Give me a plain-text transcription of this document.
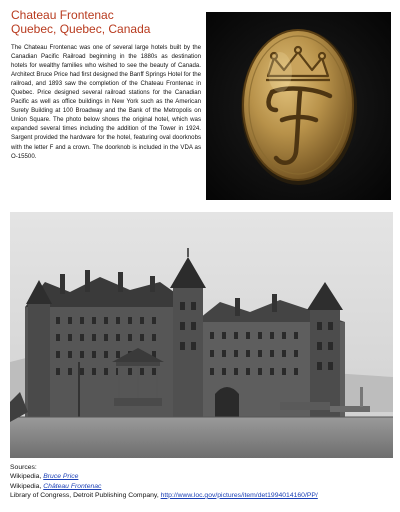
Chateau Frontenac
Quebec, Quebec, Canada
The Chateau Frontenac was one of several large hotels built by the Canadian Pacific Railroad beginning in the 1880s as destination hotels for wealthy families who wished to see the beauty of Canada. Architect Bruce Price had first designed the Banff Springs Hotel for the railroad, and 1893 saw the completion of the Chateau Frontenac in Quebec. Price designed several railroad stations for the Canadian Pacific as well as office buildings in New York such as the American Surety Building at 100 Broadway and the Bank of the Metropolis on Union Square. The photo below shows the original hotel, which was expanded several times including the addition of the Tower in 1924. Sargent provided the hardware for the hotel, featuring oval doorknobs with the letter F and a crown. The doorknob is included in the VDA as O-15500.
Sources:
Wikipedia, Bruce Price
Wikipedia, Château Frontenac
Library of Congress, Detroit Publishing Company, http://www.loc.gov/pictures/item/det1994014160/PP/
